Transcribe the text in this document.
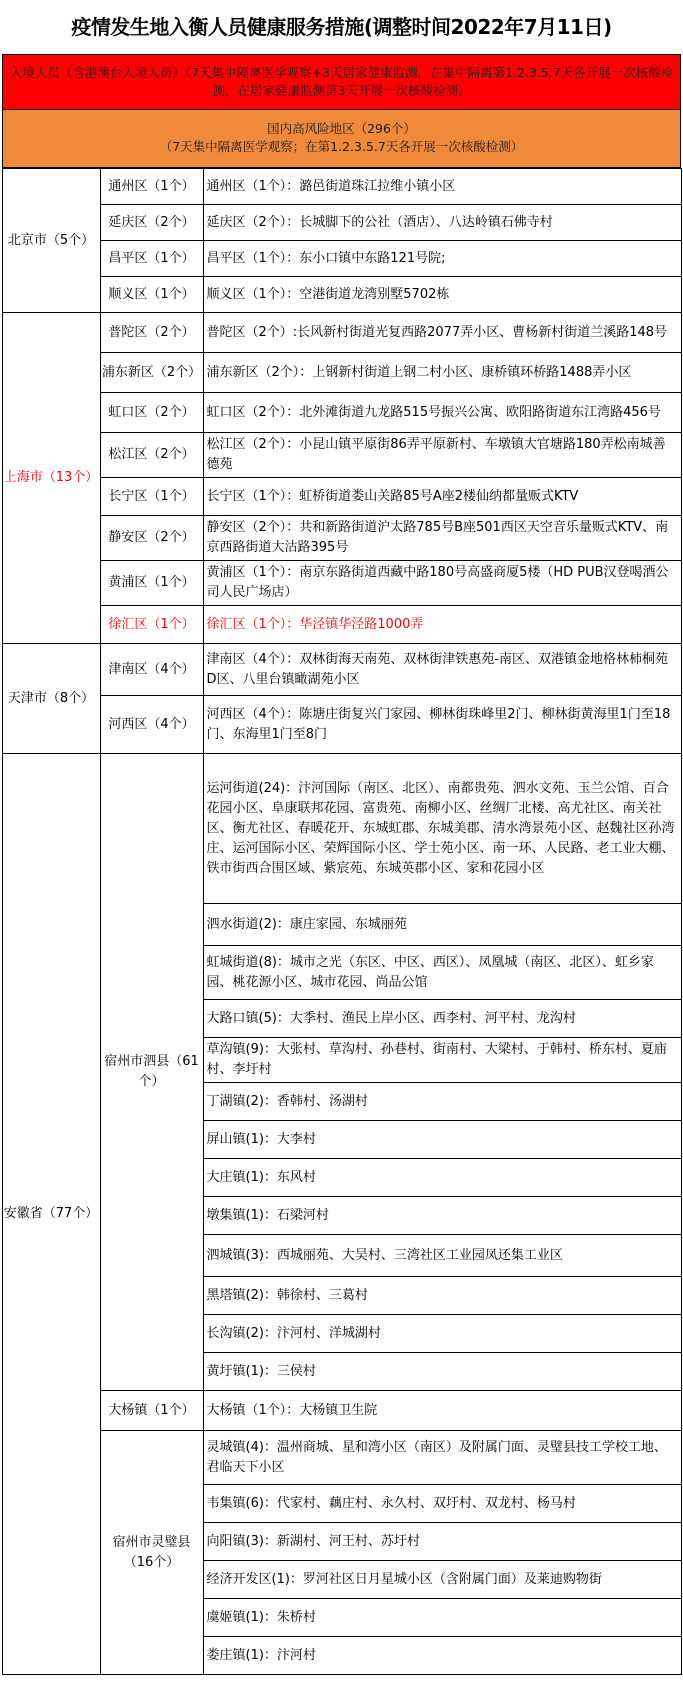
疫情发生地入衡人员健康服务措施(调整时间2022年7月11日)
入境人员（含港澳台入境人员）（7天集中隔离医学观察+3天居家健康监测，在集中隔离第1.2.3.5.7天各开展一次核酸检测，在居家健康监测第3天开展一次核酸检测）
国内高风险地区（296个）
（7天集中隔离医学观察；在第1.2.3.5.7天各开展一次核酸检测）
北京市（5个）	通州区（1个）	通州区（1个）：潞邑街道珠江拉维小镇小区
	延庆区（2个）	延庆区（2个）：长城脚下的公社（酒店）、八达岭镇石佛寺村
	昌平区（1个）	昌平区（1个）：东小口镇中东路121号院;
	顺义区（1个）	顺义区（1个）：空港街道龙湾别墅5702栋
上海市（13个）	普陀区（2个）	普陀区（2个）:长风新村街道光复西路2077弄小区、曹杨新村街道兰溪路148号
	浦东新区（2个）	浦东新区（2个）：上钢新村街道上钢二村小区、康桥镇环桥路1488弄小区
	虹口区（2个）	虹口区（2个）：北外滩街道九龙路515号振兴公寓、欧阳路街道东江湾路456号
	松江区（2个）	松江区（2个）：小昆山镇平原街86弄平原新村、车墩镇大官塘路180弄松南城善德苑
	长宁区（1个）	长宁区（1个）：虹桥街道娄山关路85号A座2楼仙纳都量贩式KTV
	静安区（2个）	静安区（2个）：共和新路街道沪太路785号B座501西区天空音乐量贩式KTV、南京西路街道大沽路395号
	黄浦区（1个）	黄浦区（1个）：南京东路街道西藏中路180号高盛商厦5楼（HD PUB汉登喝酒公司人民广场店）
	徐汇区（1个）	徐汇区（1个）：华泾镇华泾路1000弄
天津市（8个）	津南区（4个）	津南区（4个）：双林街海天南苑、双林街津铁惠苑-南区、双港镇金地格林柿桐苑D区、八里台镇瞰湖苑小区
	河西区（4个）	河西区（4个）：陈塘庄街复兴门家园、柳林街珠峰里2门、柳林街黄海里1门至18门、东海里1门至8门
安徽省（77个）	宿州市泗县（61个）	运河街道(24)：汴河国际（南区、北区）、南都贵苑、泗水文苑、玉兰公馆、百合花园小区、阜康联邦花园、富贵苑、南柳小区、丝绸厂北楼、高尤社区、南关社区、衡尤社区、春暖花开、东城虹郡、东城美郡、清水湾景苑小区、赵魏社区孙湾庄、运河国际小区、荣辉国际小区、学士苑小区、南一环、人民路、老工业大棚、铁市街西合围区域、紫宸苑、东城英郡小区、家和花园小区
		泗水街道(2)：康庄家园、东城丽苑
		虹城街道(8)：城市之光（东区、中区、西区）、凤凰城（南区、北区）、虹乡家园、桃花源小区、城市花园、尚品公馆
		大路口镇(5)：大季村、渔民上岸小区、西李村、河平村、龙沟村
		草沟镇(9)：大张村、草沟村、孙巷村、街南村、大梁村、于韩村、桥东村、夏庙村、李圩村
		丁湖镇(2)：香韩村、汤湖村
		屏山镇(1)：大李村
		大庄镇(1)：东风村
		墩集镇(1)：石梁河村
		泗城镇(3)：西城丽苑、大吴村、三湾社区工业园凤还集工业区
		黑塔镇(2)：韩徐村、三葛村
		长沟镇(2)：汴河村、洋城湖村
		黄圩镇(1)：三侯村
	大杨镇（1个）	大杨镇（1个）：大杨镇卫生院
	宿州市灵璧县（16个）	灵城镇(4)：温州商城、星和湾小区（南区）及附属门面、灵璧县技工学校工地、君临天下小区
		韦集镇(6)：代家村、藕庄村、永久村、双圩村、双龙村、杨马村
		向阳镇(3)：新湖村、河王村、苏圩村
		经济开发区(1)：罗河社区日月星城小区（含附属门面）及莱迪购物街
		虞姬镇(1)：朱桥村
		娄庄镇(1)：汴河村
